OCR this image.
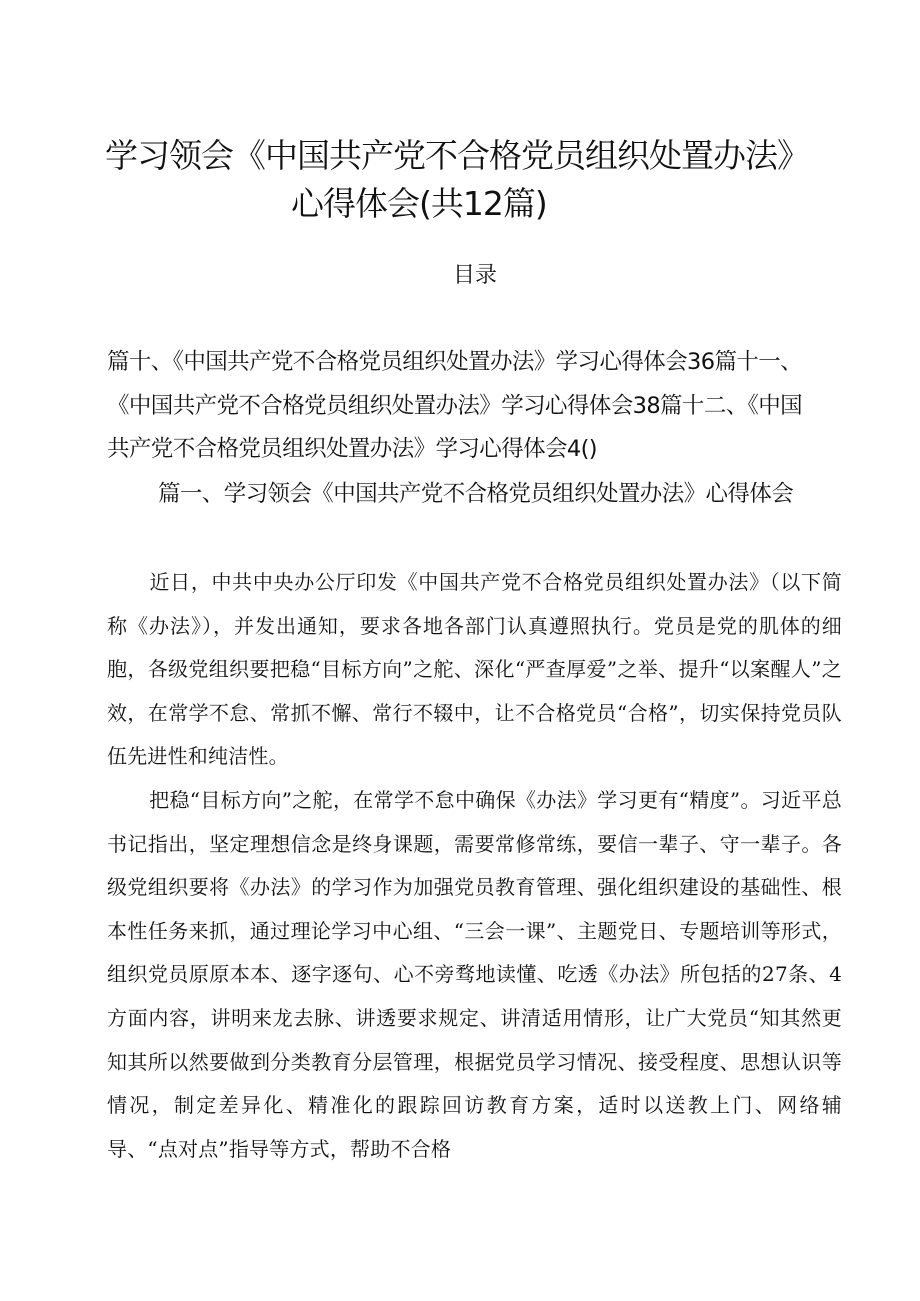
学习领会《中国共产党不合格党员组织处置办法》
心得体会(共12篇)
目录
篇十、《中国共产党不合格党员组织处置办法》学习心得体会36篇十一、
《中国共产党不合格党员组织处置办法》学习心得体会38篇十二、《中国
共产党不合格党员组织处置办法》学习心得体会4()
篇一、学习领会《中国共产党不合格党员组织处置办法》心得体会
近日，中共中央办公厅印发《中国共产党不合格党员组织处置办法》（以下简称《办法》），并发出通知，要求各地各部门认真遵照执行。党员是党的肌体的细胞，各级党组织要把稳“目标方向”之舵、深化“严查厚爱”之举、提升“以案醒人”之效，在常学不怠、常抓不懈、常行不辍中，让不合格党员“合格”，切实保持党员队伍先进性和纯洁性。
把稳“目标方向”之舵，在常学不怠中确保《办法》学习更有“精度”。习近平总书记指出，坚定理想信念是终身课题，需要常修常练，要信一辈子、守一辈子。各级党组织要将《办法》的学习作为加强党员教育管理、强化组织建设的基础性、根本性任务来抓，通过理论学习中心组、“三会一课”、主题党日、专题培训等形式，组织党员原原本本、逐字逐句、心不旁骛地读懂、吃透《办法》所包括的27条、4方面内容，讲明来龙去脉、讲透要求规定、讲清适用情形，让广大党员“知其然更知其所以然要做到分类教育分层管理，根据党员学习情况、接受程度、思想认识等情况，制定差异化、精准化的跟踪回访教育方案，适时以送教上门、网络辅导、“点对点”指导等方式，帮助不合格
